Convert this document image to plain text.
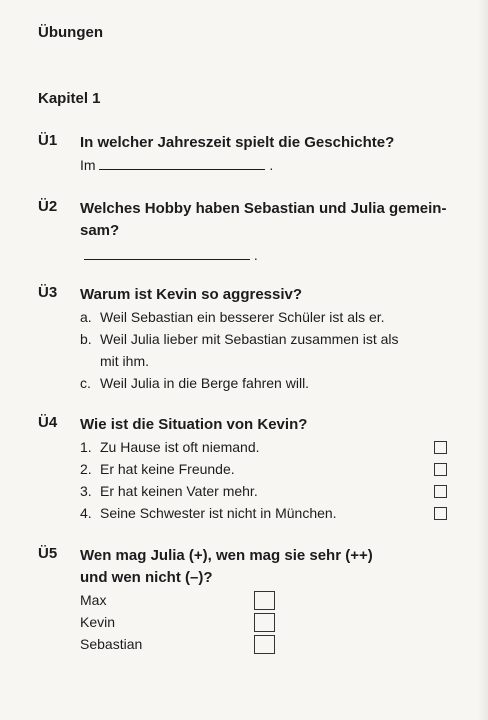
Übungen
Kapitel 1
Ü1 In welcher Jahreszeit spielt die Geschichte?
Im	.
Ü2 Welches Hobby haben Sebastian und Julia gemein-
sam?
.
Ü3 Warum ist Kevin so aggressiv?
a. Weil Sebastian ein besserer Schüler ist als er.
b. Weil Julia lieber mit Sebastian zusammen ist als
mit ihm.
c. Weil Julia in die Berge fahren will.
Ü4 Wie ist die Situation von Kevin?
1. Zu Hause ist oft niemand.
2. Er hat keine Freunde.
3. Er hat keinen Vater mehr.
4. Seine Schwester ist nicht in München.
Ü5 Wen mag Julia (+), wen mag sie sehr (++)
und wen nicht (–)?
Max
Kevin
Sebastian
